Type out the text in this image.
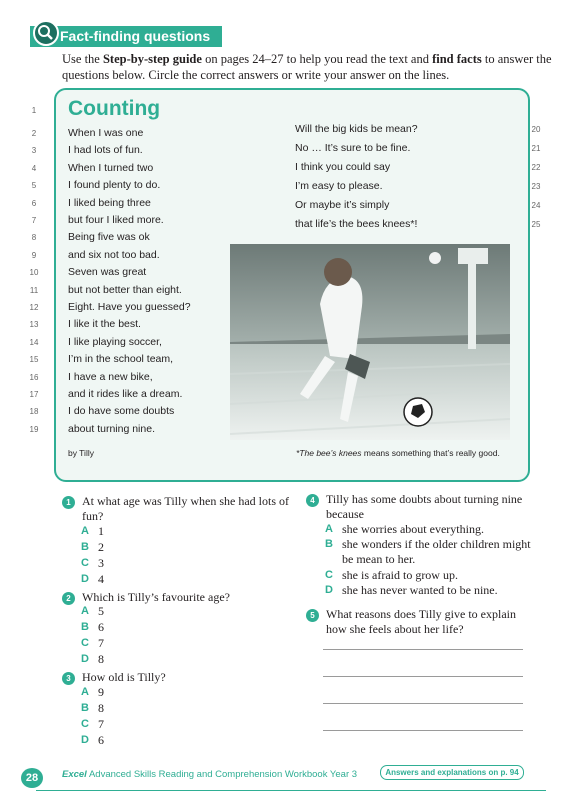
Fact-finding questions
Use the Step-by-step guide on pages 24–27 to help you read the text and find facts to answer the questions below. Circle the correct answers or write your answer on the lines.
1	Counting
2	When I was one
3	I had lots of fun.
4	When I turned two
5	I found plenty to do.
6	I liked being three
7	but four I liked more.
8	Being five was ok
9	and six not too bad.
10	Seven was great
11	but not better than eight.
12	Eight. Have you guessed?
13	I like it the best.
14	I like playing soccer,
15	I’m in the school team,
16	I have a new bike,
17	and it rides like a dream.
18	I do have some doubts
19	about turning nine.
Will the big kids be mean?	20
No … It’s sure to be fine.	21
I think you could say	22
I’m easy to please.	23
Or maybe it’s simply	24
that life’s the bees knees*!	25
by Tilly	*The bee’s knees means something that’s really good.
1 At what age was Tilly when she had lots of fun?
A 1
B 2
C 3
D 4
2 Which is Tilly’s favourite age?
A 5
B 6
C 7
D 8
3 How old is Tilly?
A 9
B 8
C 7
D 6
4 Tilly has some doubts about turning nine because
A she worries about everything.
B she wonders if the older children might be mean to her.
C she is afraid to grow up.
D she has never wanted to be nine.
5 What reasons does Tilly give to explain how she feels about her life?
28	Excel Advanced Skills Reading and Comprehension Workbook Year 3	Answers and explanations on p. 94
